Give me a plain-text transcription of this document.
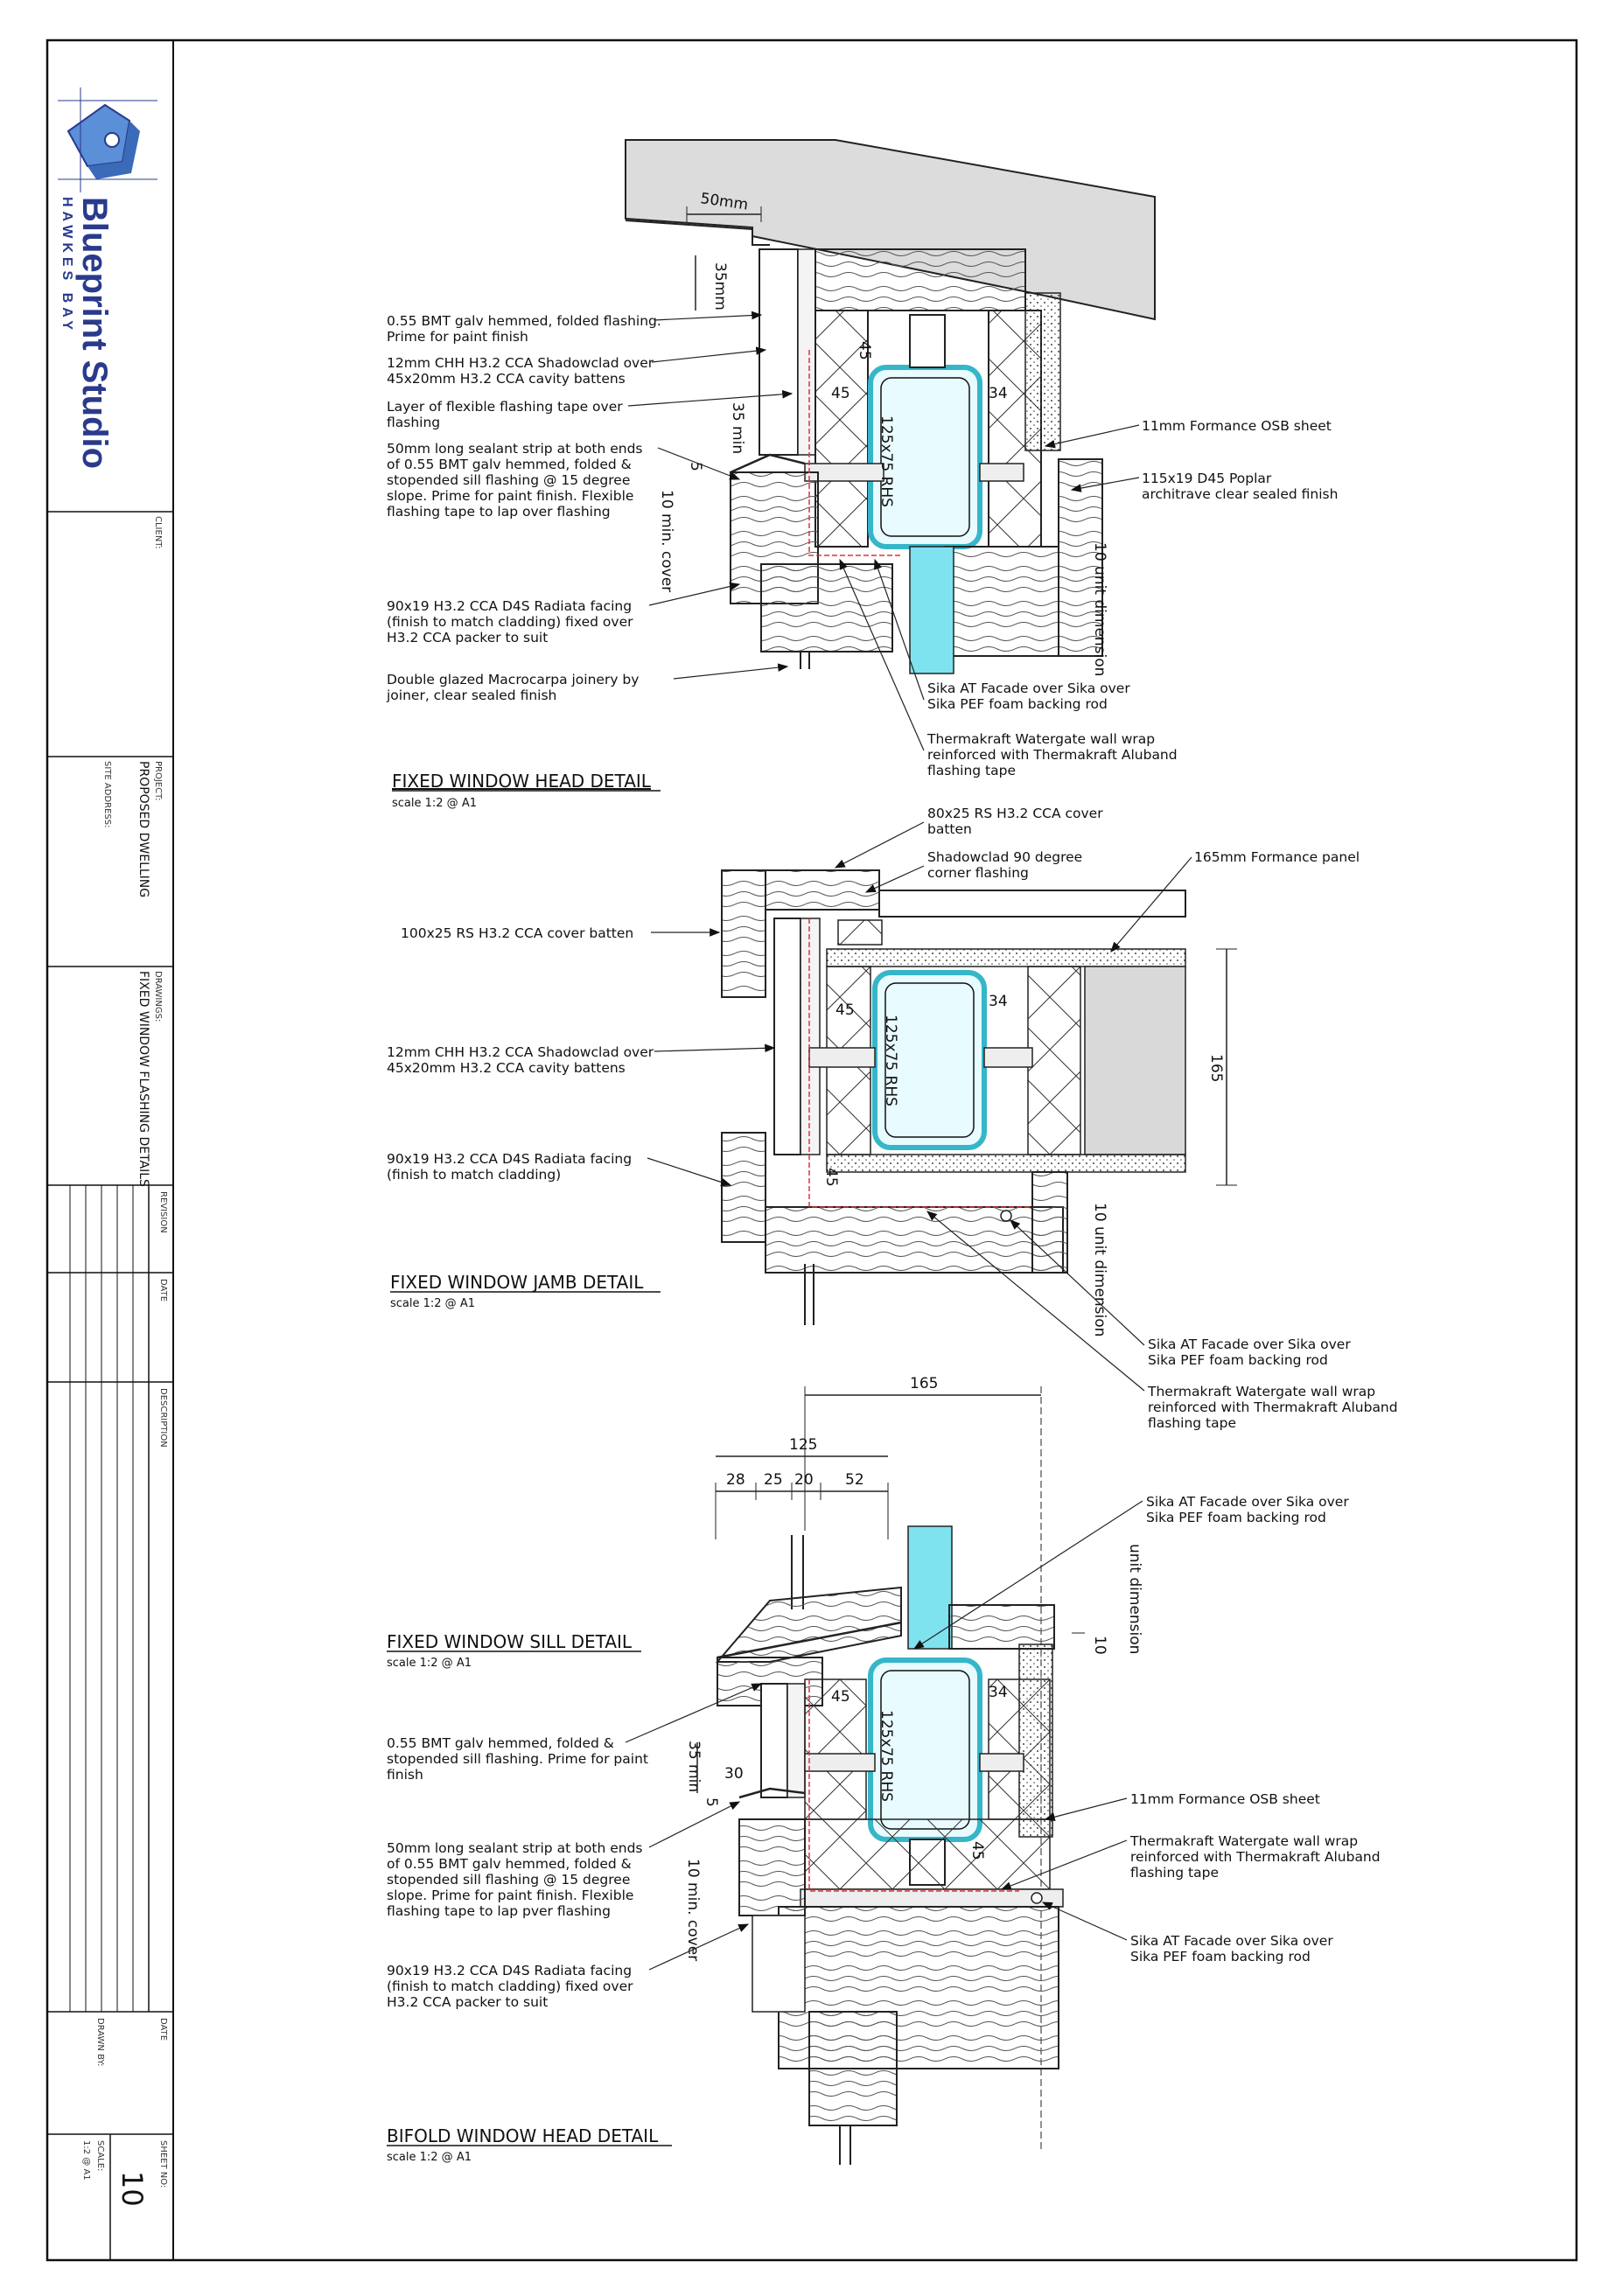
Blueprint Studio
HAWKES BAY
CLIENT:
PROJECT:
PROPOSED DWELLING
SITE ADDRESS:
DRAWINGS:
FIXED WINDOW FLASHING DETAILS
REVISION
DATE
DESCRIPTION
DATE
DRAWN BY:
SHEET NO:
10
SCALE:
1:2 @ A1
50mm
35mm
35 min
5
45
45	34
125x75 RHS
10 min. cover
10 unit dimension
0.55 BMT galv hemmed, folded flashing.
Prime for paint finish
12mm CHH H3.2 CCA Shadowclad over
45x20mm H3.2 CCA cavity battens
Layer of flexible flashing tape over
flashing
50mm long sealant strip at both ends
of 0.55 BMT galv hemmed, folded &
stopended sill flashing @ 15 degree
slope. Prime for paint finish. Flexible
flashing tape to lap over flashing
90x19 H3.2 CCA D4S Radiata facing
(finish to match cladding) fixed over
H3.2 CCA packer to suit
Double glazed Macrocarpa joinery by
joiner, clear sealed finish
11mm Formance OSB sheet
115x19 D45 Poplar
architrave clear sealed finish
Sika AT Facade over Sika over
Sika PEF foam backing rod
Thermakraft Watergate wall wrap
reinforced with Thermakraft Aluband
flashing tape
FIXED WINDOW HEAD DETAIL
scale 1:2 @ A1
45	34
125x75 RHS
45
165
10 unit dimension
80x25 RS H3.2 CCA cover
batten
Shadowclad 90 degree
corner flashing
165mm Formance panel
100x25 RS H3.2 CCA cover batten
12mm CHH H3.2 CCA Shadowclad over
45x20mm H3.2 CCA cavity battens
90x19 H3.2 CCA D4S Radiata facing
(finish to match cladding)
Sika AT Facade over Sika over
Sika PEF foam backing rod
Thermakraft Watergate wall wrap
reinforced with Thermakraft Aluband
flashing tape
FIXED WINDOW JAMB DETAIL
scale 1:2 @ A1
165
125
28 25 20 52
unit dimension
10
45	34
125x75 RHS
35 min 30
5
10 min. cover
45
Sika AT Facade over Sika over
Sika PEF foam backing rod
0.55 BMT galv hemmed, folded &
stopended sill flashing. Prime for paint
finish
11mm Formance OSB sheet
50mm long sealant strip at both ends
of 0.55 BMT galv hemmed, folded &
stopended sill flashing @ 15 degree
slope. Prime for paint finish. Flexible
flashing tape to lap pver flashing
Thermakraft Watergate wall wrap
reinforced with Thermakraft Aluband
flashing tape
Sika AT Facade over Sika over
Sika PEF foam backing rod
90x19 H3.2 CCA D4S Radiata facing
(finish to match cladding) fixed over
H3.2 CCA packer to suit
FIXED WINDOW SILL DETAIL
scale 1:2 @ A1
BIFOLD WINDOW HEAD DETAIL
scale 1:2 @ A1
